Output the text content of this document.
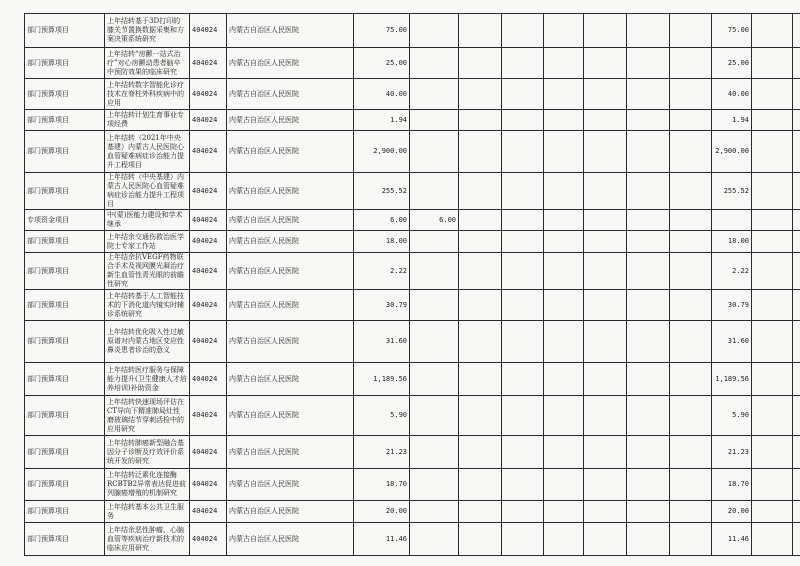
部门预算项目	上年结转基于3D打印的膝关节置换数据采集和方案决策系统研究	404024	内蒙古自治区人民医院	75.00								75.00		
部门预算项目	上年结转“房颤一站式治疗”对心房颤动患者脑卒中预防效果的临床研究	404024	内蒙古自治区人民医院	25.00								25.00		
部门预算项目	上年结转数字智能化诊疗技术在脊柱外科疾病中的应用	404024	内蒙古自治区人民医院	40.00								40.00		
部门预算项目	上年结转计划生育事业专项经费	404024	内蒙古自治区人民医院	1.94								1.94		
部门预算项目	上年结转（2021年中央基建）内蒙古人民医院心血管疑难病症诊治能力提升工程项目	404024	内蒙古自治区人民医院	2,900.00								2,900.00		
部门预算项目	上年结转（中央基建）内蒙古人民医院心血管疑难病症诊治能力提升工程项目	404024	内蒙古自治区人民医院	255.52								255.52		
专项资金项目	中(蒙)医能力建设和学术继承	404024	内蒙古自治区人民医院	6.00	6.00									
部门预算项目	上年结余交通伤救治医学院士专家工作站	404024	内蒙古自治区人民医院	18.00								18.00		
部门预算项目	上年结余抗VEGF药物联合手术及视网膜光凝治疗新生血管性青光眼的前瞻性研究	404024	内蒙古自治区人民医院	2.22								2.22		
部门预算项目	上年结转基于人工智能技术的下消化道内镜实时辅诊系统研究	404024	内蒙古自治区人民医院	30.79								30.79		
部门预算项目	上年结转优化吸入性过敏原谱对内蒙古地区变应性鼻炎患者诊治的意义	404024	内蒙古自治区人民医院	31.60								31.60		
部门预算项目	上年结转医疗服务与保障能力提升(卫生健康人才培养培训)补助资金	404024	内蒙古自治区人民医院	1,189.56								1,189.56		
部门预算项目	上年结转快速现场评估在CT导向下精准肺局灶性磨玻璃结节穿刺活检中的应用研究	404024	内蒙古自治区人民医院	5.90								5.90		
部门预算项目	上年结转肺癌新型融合基因分子诊断及疗效评价系统开发的研究	404024	内蒙古自治区人民医院	21.23								21.23		
部门预算项目	上年结转泛素化连接酶RCBTB2异常表达促进前列腺癌增殖的机制研究	404024	内蒙古自治区人民医院	18.70								18.70		
部门预算项目	上年结转基本公共卫生服务	404024	内蒙古自治区人民医院	20.00								20.00		
部门预算项目	上年结余恶性肿瘤、心脑血管等疾病治疗新技术的临床应用研究	404024	内蒙古自治区人民医院	11.46								11.46		
